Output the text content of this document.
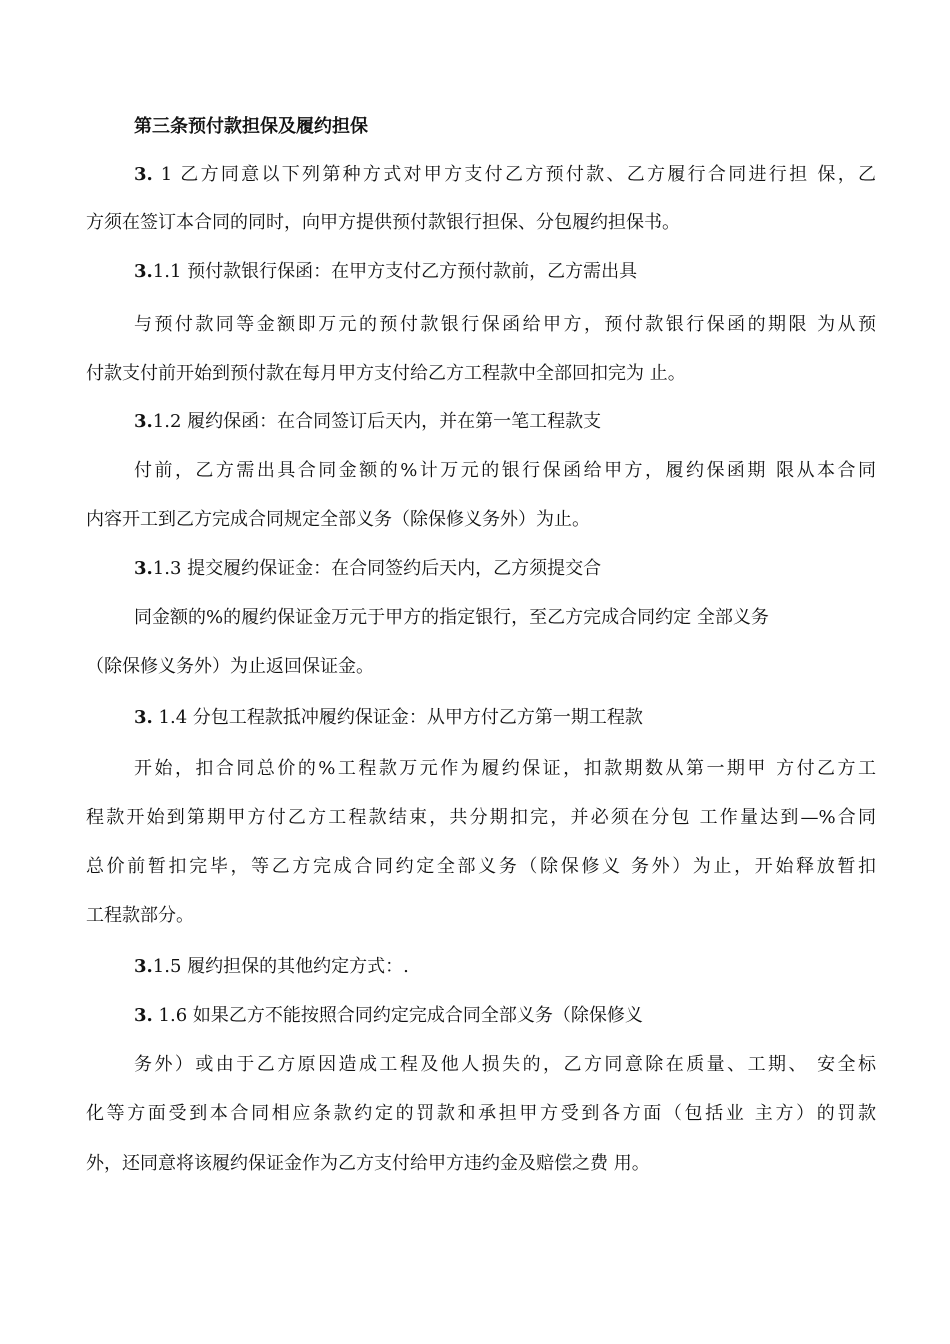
第三条预付款担保及履约担保
3. 1 乙方同意以下列第种方式对甲方支付乙方预付款、乙方履行合同进行担 保，乙
方须在签订本合同的同时，向甲方提供预付款银行担保、分包履约担保书。
3.1.1 预付款银行保函：在甲方支付乙方预付款前，乙方需出具
与预付款同等金额即万元的预付款银行保函给甲方，预付款银行保函的期限 为从预
付款支付前开始到预付款在每月甲方支付给乙方工程款中全部回扣完为 止。
3.1.2 履约保函：在合同签订后天内，并在第一笔工程款支
付前，乙方需出具合同金额的%计万元的银行保函给甲方，履约保函期 限从本合同
内容开工到乙方完成合同规定全部义务（除保修义务外）为止。
3.1.3 提交履约保证金：在合同签约后天内，乙方须提交合
同金额的%的履约保证金万元于甲方的指定银行，至乙方完成合同约定 全部义务
（除保修义务外）为止返回保证金。
3. 1.4 分包工程款抵冲履约保证金：从甲方付乙方第一期工程款
开始，扣合同总价的%工程款万元作为履约保证，扣款期数从第一期甲 方付乙方工
程款开始到第期甲方付乙方工程款结束，共分期扣完，并必须在分包 工作量达到—%合同
总价前暂扣完毕，等乙方完成合同约定全部义务（除保修义 务外）为止，开始释放暂扣
工程款部分。
3.1.5 履约担保的其他约定方式：.
3. 1.6 如果乙方不能按照合同约定完成合同全部义务（除保修义
务外）或由于乙方原因造成工程及他人损失的，乙方同意除在质量、工期、 安全标
化等方面受到本合同相应条款约定的罚款和承担甲方受到各方面（包括业 主方）的罚款
外，还同意将该履约保证金作为乙方支付给甲方违约金及赔偿之费 用。
